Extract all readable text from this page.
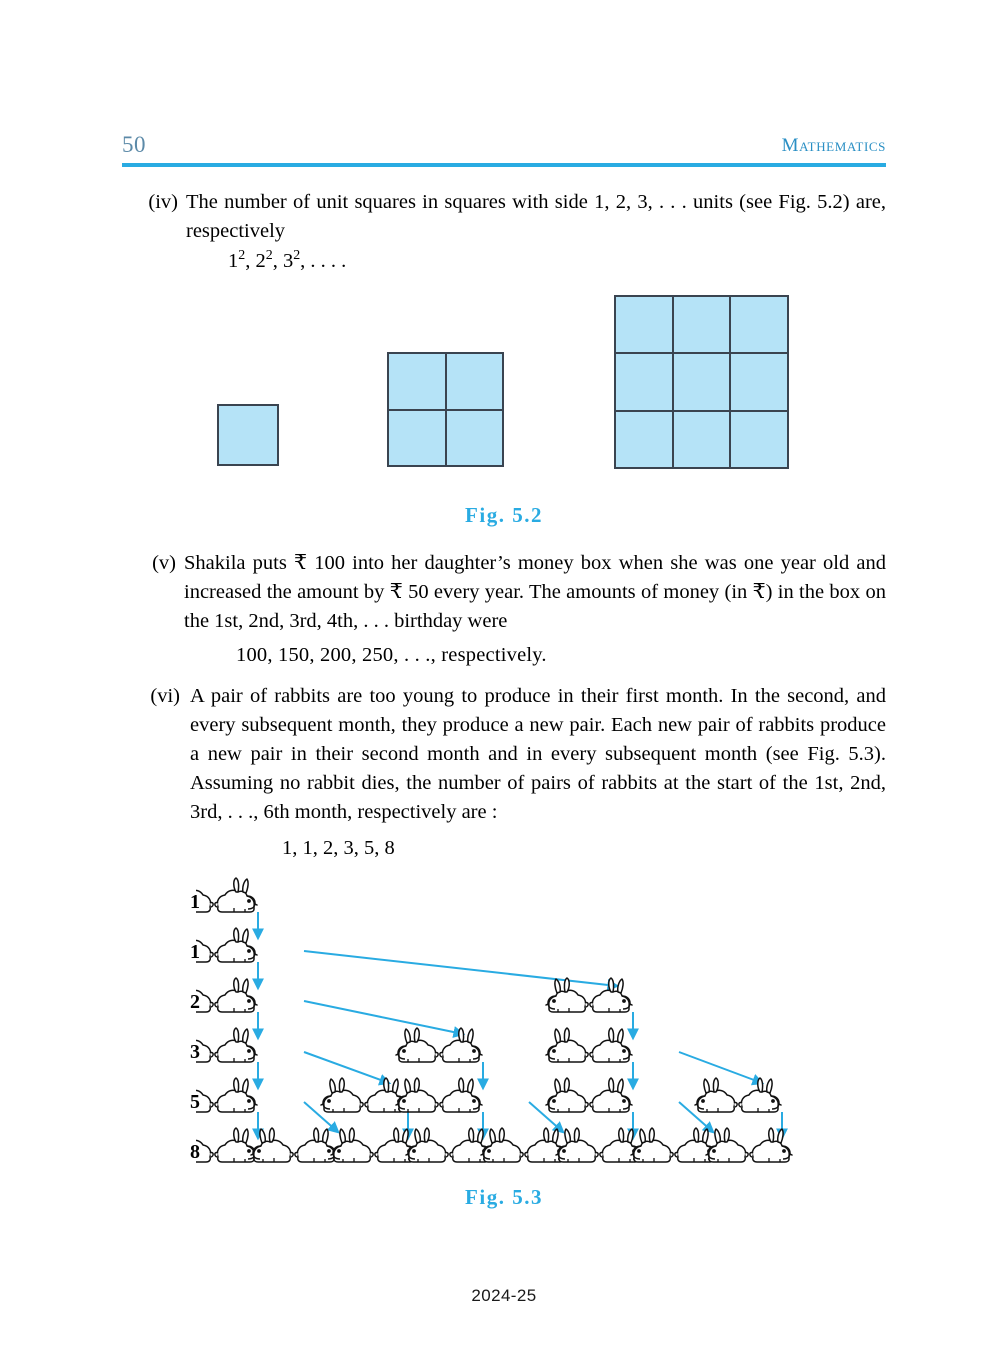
50	Mathematics
(iv) The number of unit squares in squares with side 1, 2, 3, . . . units (see Fig. 5.2) are, respectively
$1^2$, $2^2$, $3^2$, . . . .
Fig. 5.2
(v) Shakila puts ₹ 100 into her daughter’s money box when she was one year old and increased the amount by ₹ 50 every year. The amounts of money (in ₹) in the box on the 1st, 2nd, 3rd, 4th, . . . birthday were
100, 150, 200, 250, . . ., respectively.
(vi) A pair of rabbits are too young to produce in their first month. In the second, and every subsequent month, they produce a new pair. Each new pair of rabbits produce a new pair in their second month and in every subsequent month (see Fig. 5.3). Assuming no rabbit dies, the number of pairs of rabbits at the start of the 1st, 2nd, 3rd, . . ., 6th month, respectively are :
1, 1, 2, 3, 5, 8
1
1
2
3
5
8
Fig. 5.3
2024-25
